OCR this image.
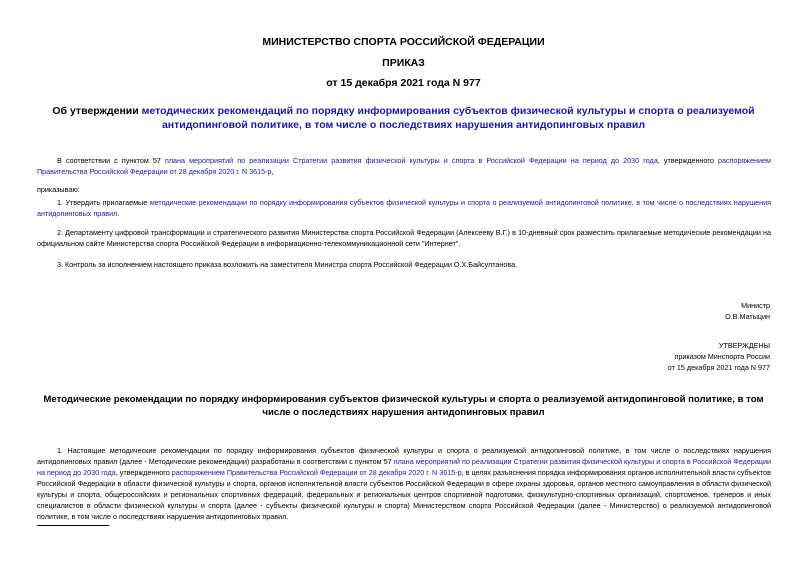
МИНИСТЕРСТВО СПОРТА РОССИЙСКОЙ ФЕДЕРАЦИИ
ПРИКАЗ
от 15 декабря 2021 года N 977
Об утверждении методических рекомендаций по порядку информирования субъектов физической культуры и спорта о реализуемой антидопинговой политике, в том числе о последствиях нарушения антидопинговых правил
В соответствии с пунктом 57 плана мероприятий по реализации Стратегии развития физической культуры и спорта в Российской Федерации на период до 2030 года, утвержденного распоряжением Правительства Российской Федерации от 28 декабря 2020 г. N 3615-р,
приказываю:
1. Утвердить прилагаемые методические рекомендации по порядку информирования субъектов физической культуры и спорта о реализуемой антидопинговой политике, в том числе о последствиях нарушения антидопинговых правил.
2. Департаменту цифровой трансформации и стратегического развития Министерства спорта Российской Федерации (Алексееву В.Г.) в 10-дневный срок разместить прилагаемые методические рекомендации на официальном сайте Министерства спорта Российской Федерации в информационно-телекоммуникационной сети "Интернет".
3. Контроль за исполнением настоящего приказа возложить на заместителя Министра спорта Российской Федерации О.Х.Байсултанова.
Министр
О.В.Матыцин
УТВЕРЖДЕНЫ
приказом Минспорта России
от 15 декабря 2021 года N 977
Методические рекомендации по порядку информирования субъектов физической культуры и спорта о реализуемой антидопинговой политике, в том числе о последствиях нарушения антидопинговых правил
1. Настоящие методические рекомендации по порядку информирования субъектов физической культуры и спорта о реализуемой антидопинговой политике, в том числе о последствиях нарушения антидопинговых правил (далее - Методические рекомендации) разработаны в соответствии с пунктом 57 плана мероприятий по реализации Стратегии развития физической культуры и спорта в Российской Федерации на период до 2030 года, утвержденного распоряжением Правительства Российской Федерации от 28 декабря 2020 г. N 3615-р, в целях разъяснения порядка информирования органов исполнительной власти субъектов Российской Федерации в области физической культуры и спорта, органов исполнительной власти субъектов Российской Федерации в сфере охраны здоровья, органов местного самоуправления в области физической культуры и спорта, общероссийских и региональных спортивных федераций, федеральных и региональных центров спортивной подготовки, физкультурно-спортивных организаций, спортсменов, тренеров и иных специалистов в области физической культуры и спорта (далее - субъекты физической культуры и спорта) Министерством спорта Российской Федерации (далее - Министерство) о реализуемой антидопинговой политике, в том числе о последствиях нарушения антидопинговых правил.
